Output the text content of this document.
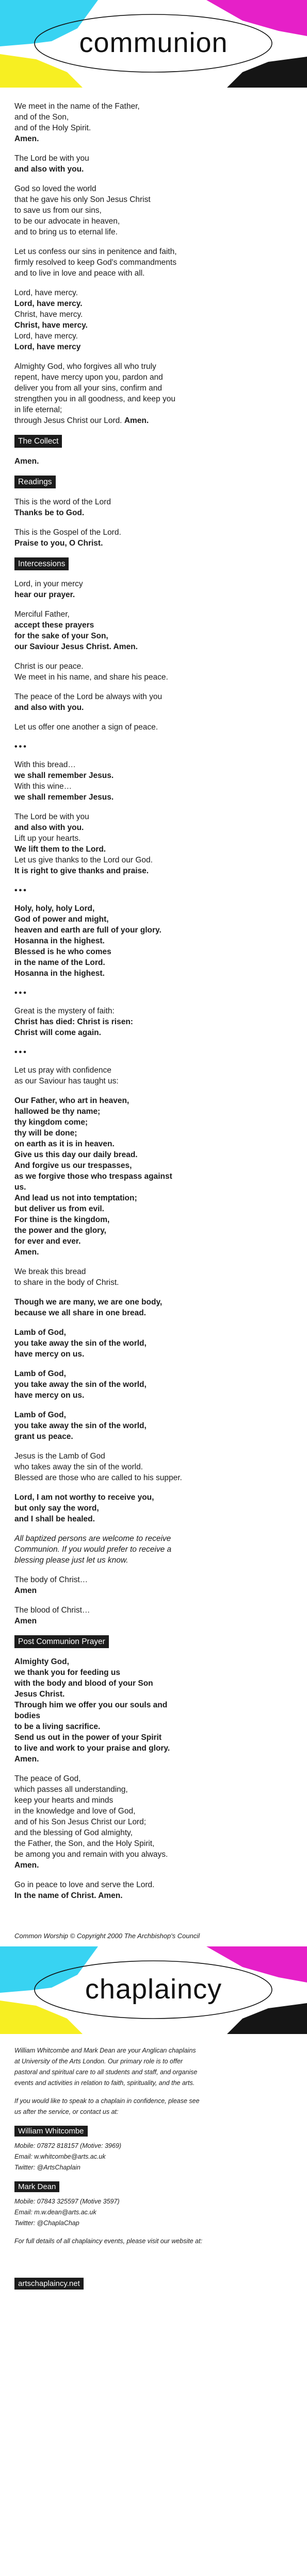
communion
We meet in the name of the Father,
and of the Son,
and of the Holy Spirit.
Amen.
The Lord be with you
and also with you.
God so loved the world
that he gave his only Son Jesus Christ
to save us from our sins,
to be our advocate in heaven,
and to bring us to eternal life.
Let us confess our sins in penitence and faith,
firmly resolved to keep God's commandments
and to live in love and peace with all.
Lord, have mercy.
Lord, have mercy.
Christ, have mercy.
Christ, have mercy.
Lord, have mercy.
Lord, have mercy
Almighty God, who forgives all who truly
repent, have mercy upon you, pardon and
deliver you from all your sins, confirm and
strengthen you in all goodness, and keep you
in life eternal;
through Jesus Christ our Lord. Amen.
The Collect
Amen.
Readings
This is the word of the Lord
Thanks be to God.
This is the Gospel of the Lord.
Praise to you, O Christ.
Intercessions
Lord, in your mercy
hear our prayer.
Merciful Father,
accept these prayers
for the sake of your Son,
our Saviour Jesus Christ. Amen.
Christ is our peace.
We meet in his name, and share his peace.
The peace of the Lord be always with you
and also with you.
Let us offer one another a sign of peace.
•••
With this bread…
we shall remember Jesus.
With this wine…
we shall remember Jesus.
The Lord be with you
and also with you.
Lift up your hearts.
We lift them to the Lord.
Let us give thanks to the Lord our God.
It is right to give thanks and praise.
•••
Holy, holy, holy Lord,
God of power and might,
heaven and earth are full of your glory.
Hosanna in the highest.
Blessed is he who comes
in the name of the Lord.
Hosanna in the highest.
•••
Great is the mystery of faith:
Christ has died: Christ is risen:
Christ will come again.
•••
Let us pray with confidence
as our Saviour has taught us:
Our Father, who art in heaven,
hallowed be thy name;
thy kingdom come;
thy will be done;
on earth as it is in heaven.
Give us this day our daily bread.
And forgive us our trespasses,
as we forgive those who trespass against
us.
And lead us not into temptation;
but deliver us from evil.
For thine is the kingdom,
the power and the glory,
for ever and ever.
Amen.
We break this bread
to share in the body of Christ.
Though we are many, we are one body,
because we all share in one bread.
Lamb of God,
you take away the sin of the world,
have mercy on us.
Lamb of God,
you take away the sin of the world,
have mercy on us.
Lamb of God,
you take away the sin of the world,
grant us peace.
Jesus is the Lamb of God
who takes away the sin of the world.
Blessed are those who are called to his supper.
Lord, I am not worthy to receive you,
but only say the word,
and I shall be healed.
All baptized persons are welcome to receive
Communion. If you would prefer to receive a
blessing please just let us know.
The body of Christ…
Amen
The blood of Christ…
Amen
Post Communion Prayer
Almighty God,
we thank you for feeding us
with the body and blood of your Son
Jesus Christ.
Through him we offer you our souls and
bodies
to be a living sacrifice.
Send us out in the power of your Spirit
to live and work to your praise and glory.
Amen.
The peace of God,
which passes all understanding,
keep your hearts and minds
in the knowledge and love of God,
and of his Son Jesus Christ our Lord;
and the blessing of God almighty,
the Father, the Son, and the Holy Spirit,
be among you and remain with you always.
Amen.
Go in peace to love and serve the Lord.
In the name of Christ. Amen.
Common Worship © Copyright 2000 The Archbishop's Council
chaplaincy
William Whitcombe and Mark Dean are your Anglican chaplains
at University of the Arts London. Our primary role is to offer
pastoral and spiritual care to all students and staff, and organise
events and activities in relation to faith, spirituality, and the arts.
If you would like to speak to a chaplain in confidence, please see
us after the service, or contact us at:
William Whitcombe
Mobile: 07872 818157 (Motive: 3969)
Email: w.whitcombe@arts.ac.uk
Twitter: @ArtsChaplain
Mark Dean
Mobile: 07843 325597 (Motive 3597)
Email: m.w.dean@arts.ac.uk
Twitter: @ChaplaChap
For full details of all chaplaincy events, please visit our website at:
artschaplaincy.net
